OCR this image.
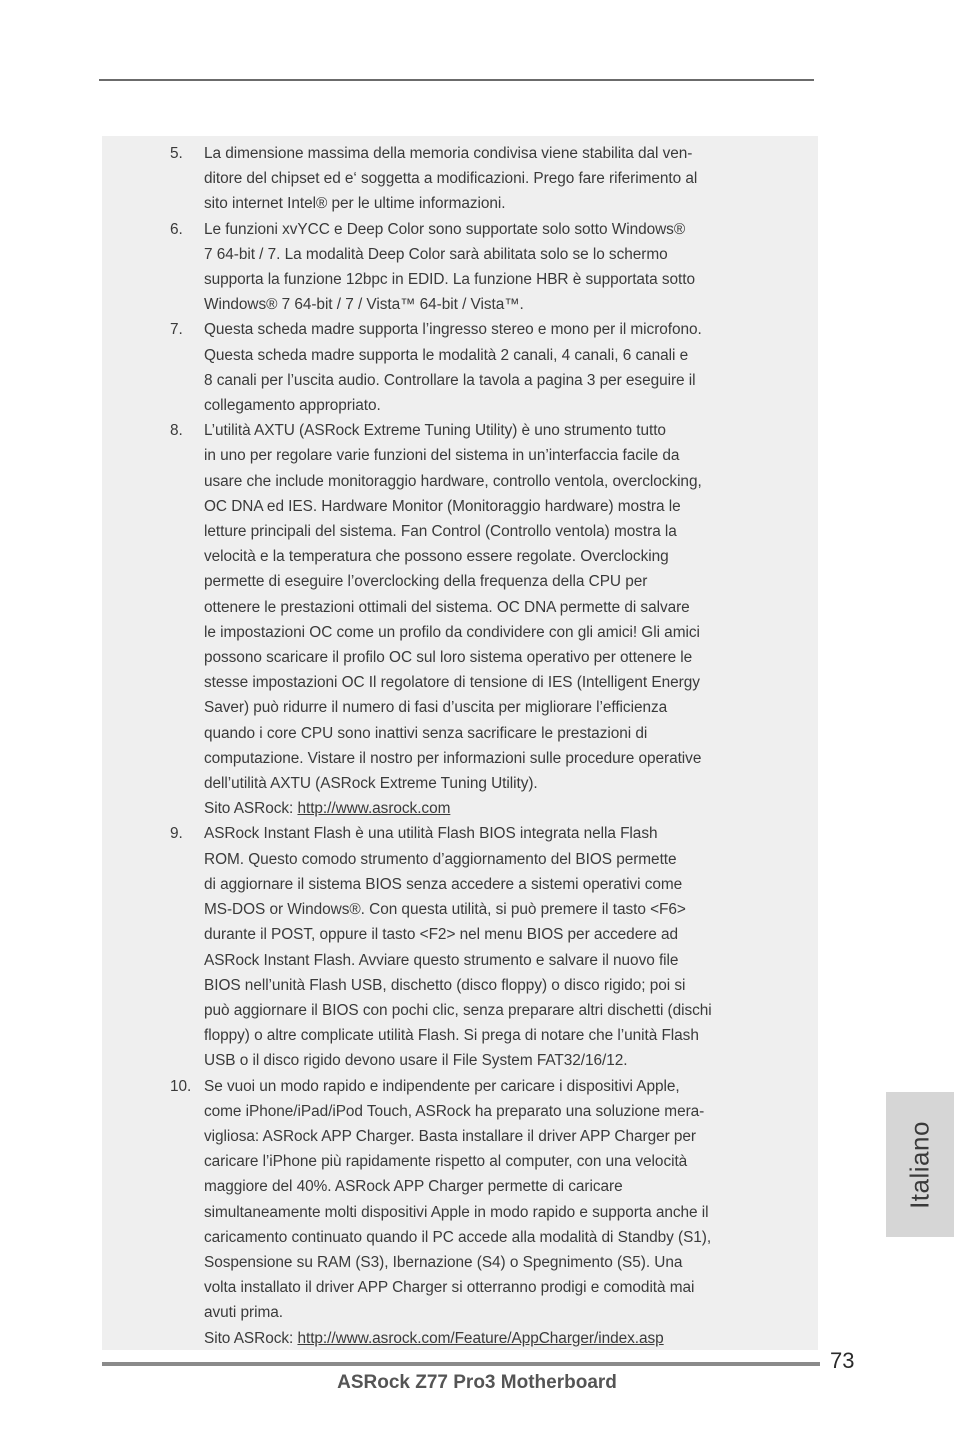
5. La dimensione massima della memoria condivisa viene stabilita dal ven-
ditore del chipset ed e‘ soggetta a modificazioni. Prego fare riferimento al
sito internet Intel® per le ultime informazioni.
6. Le funzioni xvYCC e Deep Color sono supportate solo sotto Windows®
7 64-bit / 7. La modalità Deep Color sarà abilitata solo se lo schermo
supporta la funzione 12bpc in EDID. La funzione HBR è supportata sotto
Windows® 7 64-bit / 7 / Vista™ 64-bit / Vista™.
7. Questa scheda madre supporta l’ingresso stereo e mono per il microfono.
Questa scheda madre supporta le modalità 2 canali, 4 canali, 6 canali e
8 canali per l’uscita audio. Controllare la tavola a pagina 3 per eseguire il
collegamento appropriato.
8. L’utilità AXTU (ASRock Extreme Tuning Utility) è uno strumento tutto
in uno per regolare varie funzioni del sistema in un’interfaccia facile da
usare che include monitoraggio hardware, controllo ventola, overclocking,
OC DNA ed IES. Hardware Monitor (Monitoraggio hardware) mostra le
letture principali del sistema. Fan Control (Controllo ventola) mostra la
velocità e la temperatura che possono essere regolate. Overclocking
permette di eseguire l’overclocking della frequenza della CPU per
ottenere le prestazioni ottimali del sistema. OC DNA permette di salvare
le impostazioni OC come un profilo da condividere con gli amici! Gli amici
possono scaricare il profilo OC sul loro sistema operativo per ottenere le
stesse impostazioni OC Il regolatore di tensione di IES (Intelligent Energy
Saver) può ridurre il numero di fasi d’uscita per migliorare l’efficienza
quando i core CPU sono inattivi senza sacrificare le prestazioni di
computazione. Vistare il nostro per informazioni sulle procedure operative
dell’utilità AXTU (ASRock Extreme Tuning Utility).
Sito ASRock: http://www.asrock.com
9. ASRock Instant Flash è una utilità Flash BIOS integrata nella Flash
ROM. Questo comodo strumento d’aggiornamento del BIOS permette
di aggiornare il sistema BIOS senza accedere a sistemi operativi come
MS-DOS or Windows®. Con questa utilità, si può premere il tasto <F6>
durante il POST, oppure il tasto <F2> nel menu BIOS per accedere ad
ASRock Instant Flash. Avviare questo strumento e salvare il nuovo file
BIOS nell’unità Flash USB, dischetto (disco floppy) o disco rigido; poi si
può aggiornare il BIOS con pochi clic, senza preparare altri dischetti (dischi
floppy) o altre complicate utilità Flash. Si prega di notare che l’unità Flash
USB o il disco rigido devono usare il File System FAT32/16/12.
10. Se vuoi un modo rapido e indipendente per caricare i dispositivi Apple,
come iPhone/iPad/iPod Touch, ASRock ha preparato una soluzione mera-
vigliosa: ASRock APP Charger. Basta installare il driver APP Charger per
caricare l’iPhone più rapidamente rispetto al computer, con una velocità
maggiore del 40%. ASRock APP Charger permette di caricare
simultaneamente molti dispositivi Apple in modo rapido e supporta anche il
caricamento continuato quando il PC accede alla modalità di Standby (S1),
Sospensione su RAM (S3), Ibernazione (S4) o Spegnimento (S5). Una
volta installato il driver APP Charger si otterranno prodigi e comodità mai
avuti prima.
Sito ASRock: http://www.asrock.com/Feature/AppCharger/index.asp
Italiano
73
ASRock Z77 Pro3 Motherboard
